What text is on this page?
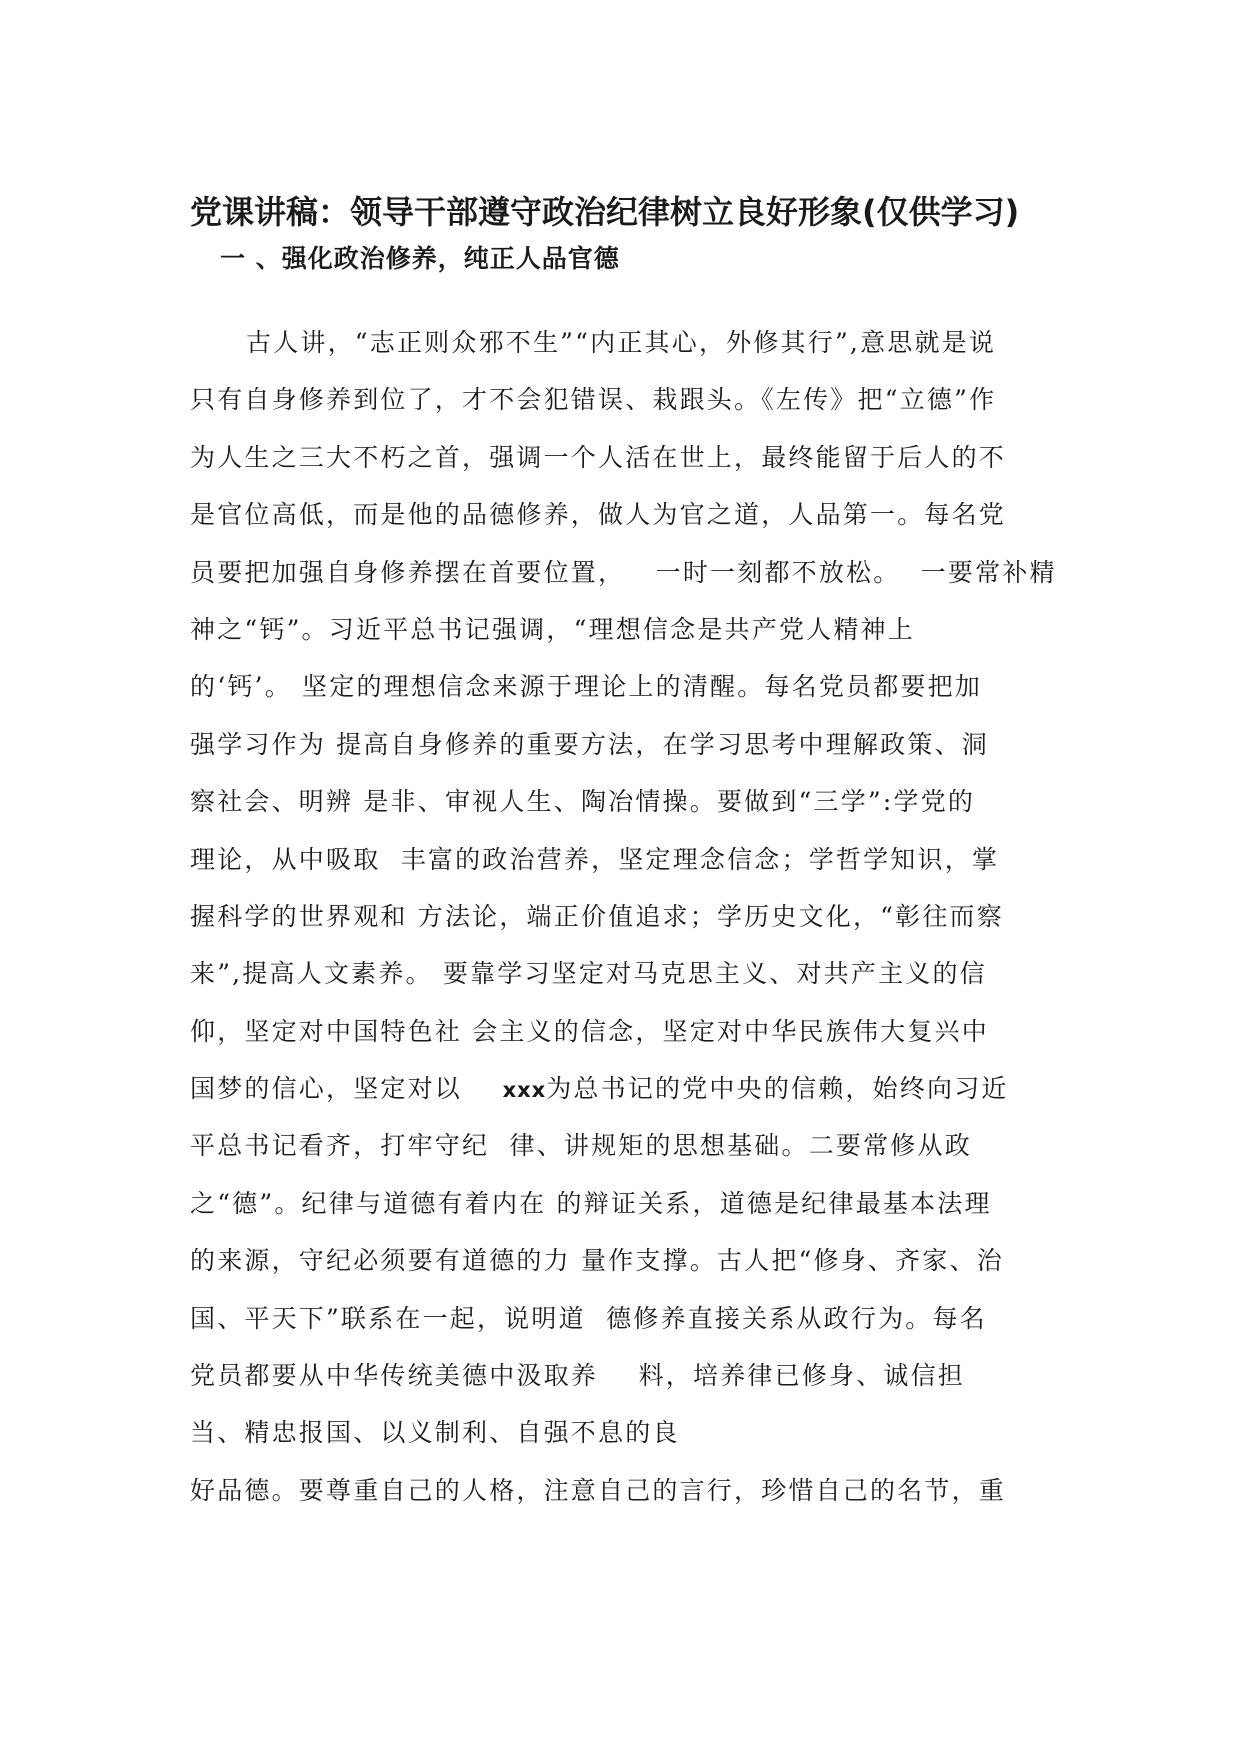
党课讲稿：领导干部遵守政治纪律树立良好形象(仅供学习)
一 、强化政治修养，纯正人品官德
古人讲，“志正则众邪不生”“内正其心，外修其行”,意思就是说
只有自身修养到位了，才不会犯错误、栽跟头。《左传》把“立德”作
为人生之三大不朽之首，强调一个人活在世上，最终能留于后人的不
是官位高低，而是他的品德修养，做人为官之道，人品第一。每名党
员要把加强自身修养摆在首要位置，   一时一刻都不放松。  一要常补精
神之“钙”。习近平总书记强调，“理想信念是共产党人精神上
的‘钙’。 坚定的理想信念来源于理论上的清醒。每名党员都要把加
强学习作为 提高自身修养的重要方法，在学习思考中理解政策、洞
察社会、明辨 是非、审视人生、陶冶情操。要做到“三学”:学党的
理论，从中吸取  丰富的政治营养，坚定理念信念；学哲学知识，掌
握科学的世界观和 方法论，端正价值追求；学历史文化，“彰往而察
来”,提高人文素养。 要靠学习坚定对马克思主义、对共产主义的信
仰，坚定对中国特色社 会主义的信念，坚定对中华民族伟大复兴中
国梦的信心，坚定对以    xxx为总书记的党中央的信赖，始终向习近
平总书记看齐，打牢守纪  律、讲规矩的思想基础。二要常修从政
之“德”。纪律与道德有着内在 的辩证关系，道德是纪律最基本法理
的来源，守纪必须要有道德的力 量作支撑。古人把“修身、齐家、治
国、平天下”联系在一起，说明道  德修养直接关系从政行为。每名
党员都要从中华传统美德中汲取养    料，培养律已修身、诚信担
当、精忠报国、以义制利、自强不息的良
好品德。要尊重自己的人格，注意自己的言行，珍惜自己的名节，重
